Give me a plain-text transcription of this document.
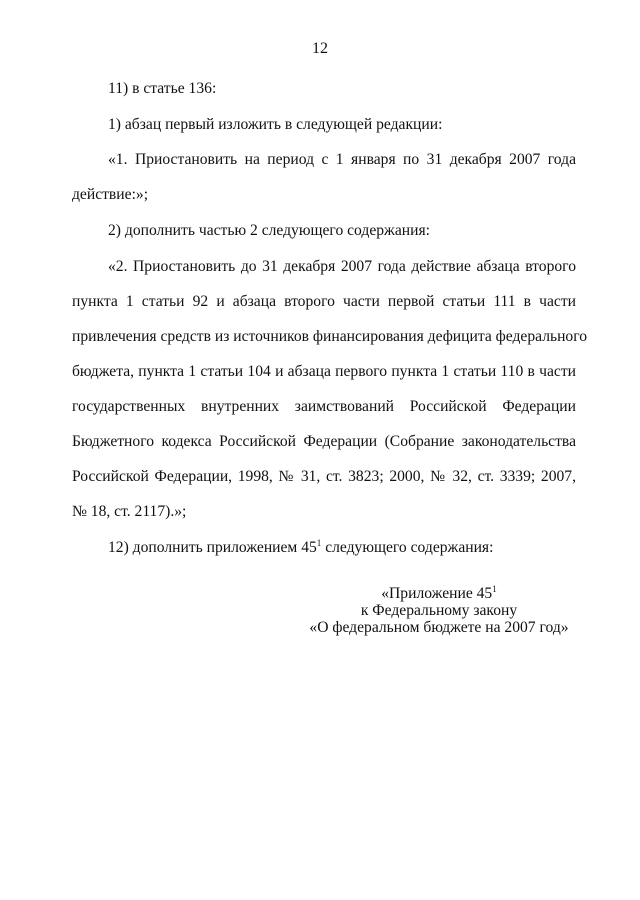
12
11) в статье 136:
1) абзац первый изложить в следующей редакции:
«1. Приостановить на период с 1 января по 31 декабря 2007 года
действие:»;
2) дополнить частью 2 следующего содержания:
«2. Приостановить до 31 декабря 2007 года действие абзаца второго
пункта 1 статьи 92 и абзаца второго части первой статьи 111 в части
привлечения средств из источников финансирования дефицита федерального
бюджета, пункта 1 статьи 104 и абзаца первого пункта 1 статьи 110 в части
государственных внутренних заимствований Российской Федерации
Бюджетного кодекса Российской Федерации (Собрание законодательства
Российской Федерации, 1998, № 31, ст. 3823; 2000, № 32, ст. 3339; 2007,
№ 18, ст. 2117).»;
12) дополнить приложением $45^1$ следующего содержания:
«Приложение $45^1$
к Федеральному закону
«О федеральном бюджете на 2007 год»
